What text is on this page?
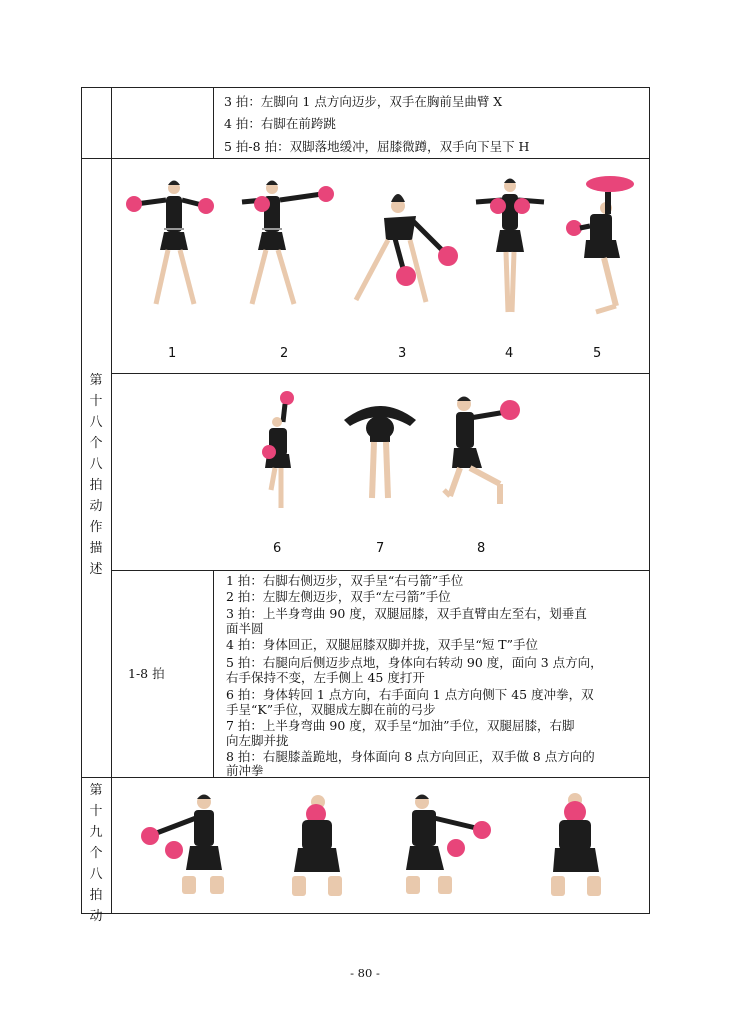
3 拍：左脚向 1 点方向迈步，双手在胸前呈曲臂 X
4 拍：右脚在前跨跳
5 拍-8 拍：双脚落地缓冲，屈膝微蹲，双手向下呈下 H
第
十
八
个
八
拍
动
作
描
述
1	2	3	4	5
6	7	8
1-8 拍
1 拍：右脚右侧迈步，双手呈“右弓箭”手位
2 拍：左脚左侧迈步，双手“左弓箭”手位
3 拍：上半身弯曲 90 度，双腿屈膝，双手直臂由左至右，划垂直
面半圆
4 拍：身体回正，双腿屈膝双脚并拢，双手呈“短 T”手位
5 拍：右腿向后侧迈步点地，身体向右转动 90 度，面向 3 点方向，
右手保持不变，左手侧上 45 度打开
6 拍：身体转回 1 点方向，右手面向 1 点方向侧下 45 度冲拳，双
手呈“K”手位，双腿成左脚在前的弓步
7 拍：上半身弯曲 90 度，双手呈“加油”手位，双腿屈膝，右脚
向左脚并拢
8 拍：右腿膝盖跪地，身体面向 8 点方向回正，双手做 8 点方向的
前冲拳
第
十
九
个
八
拍
动
- 80 -
